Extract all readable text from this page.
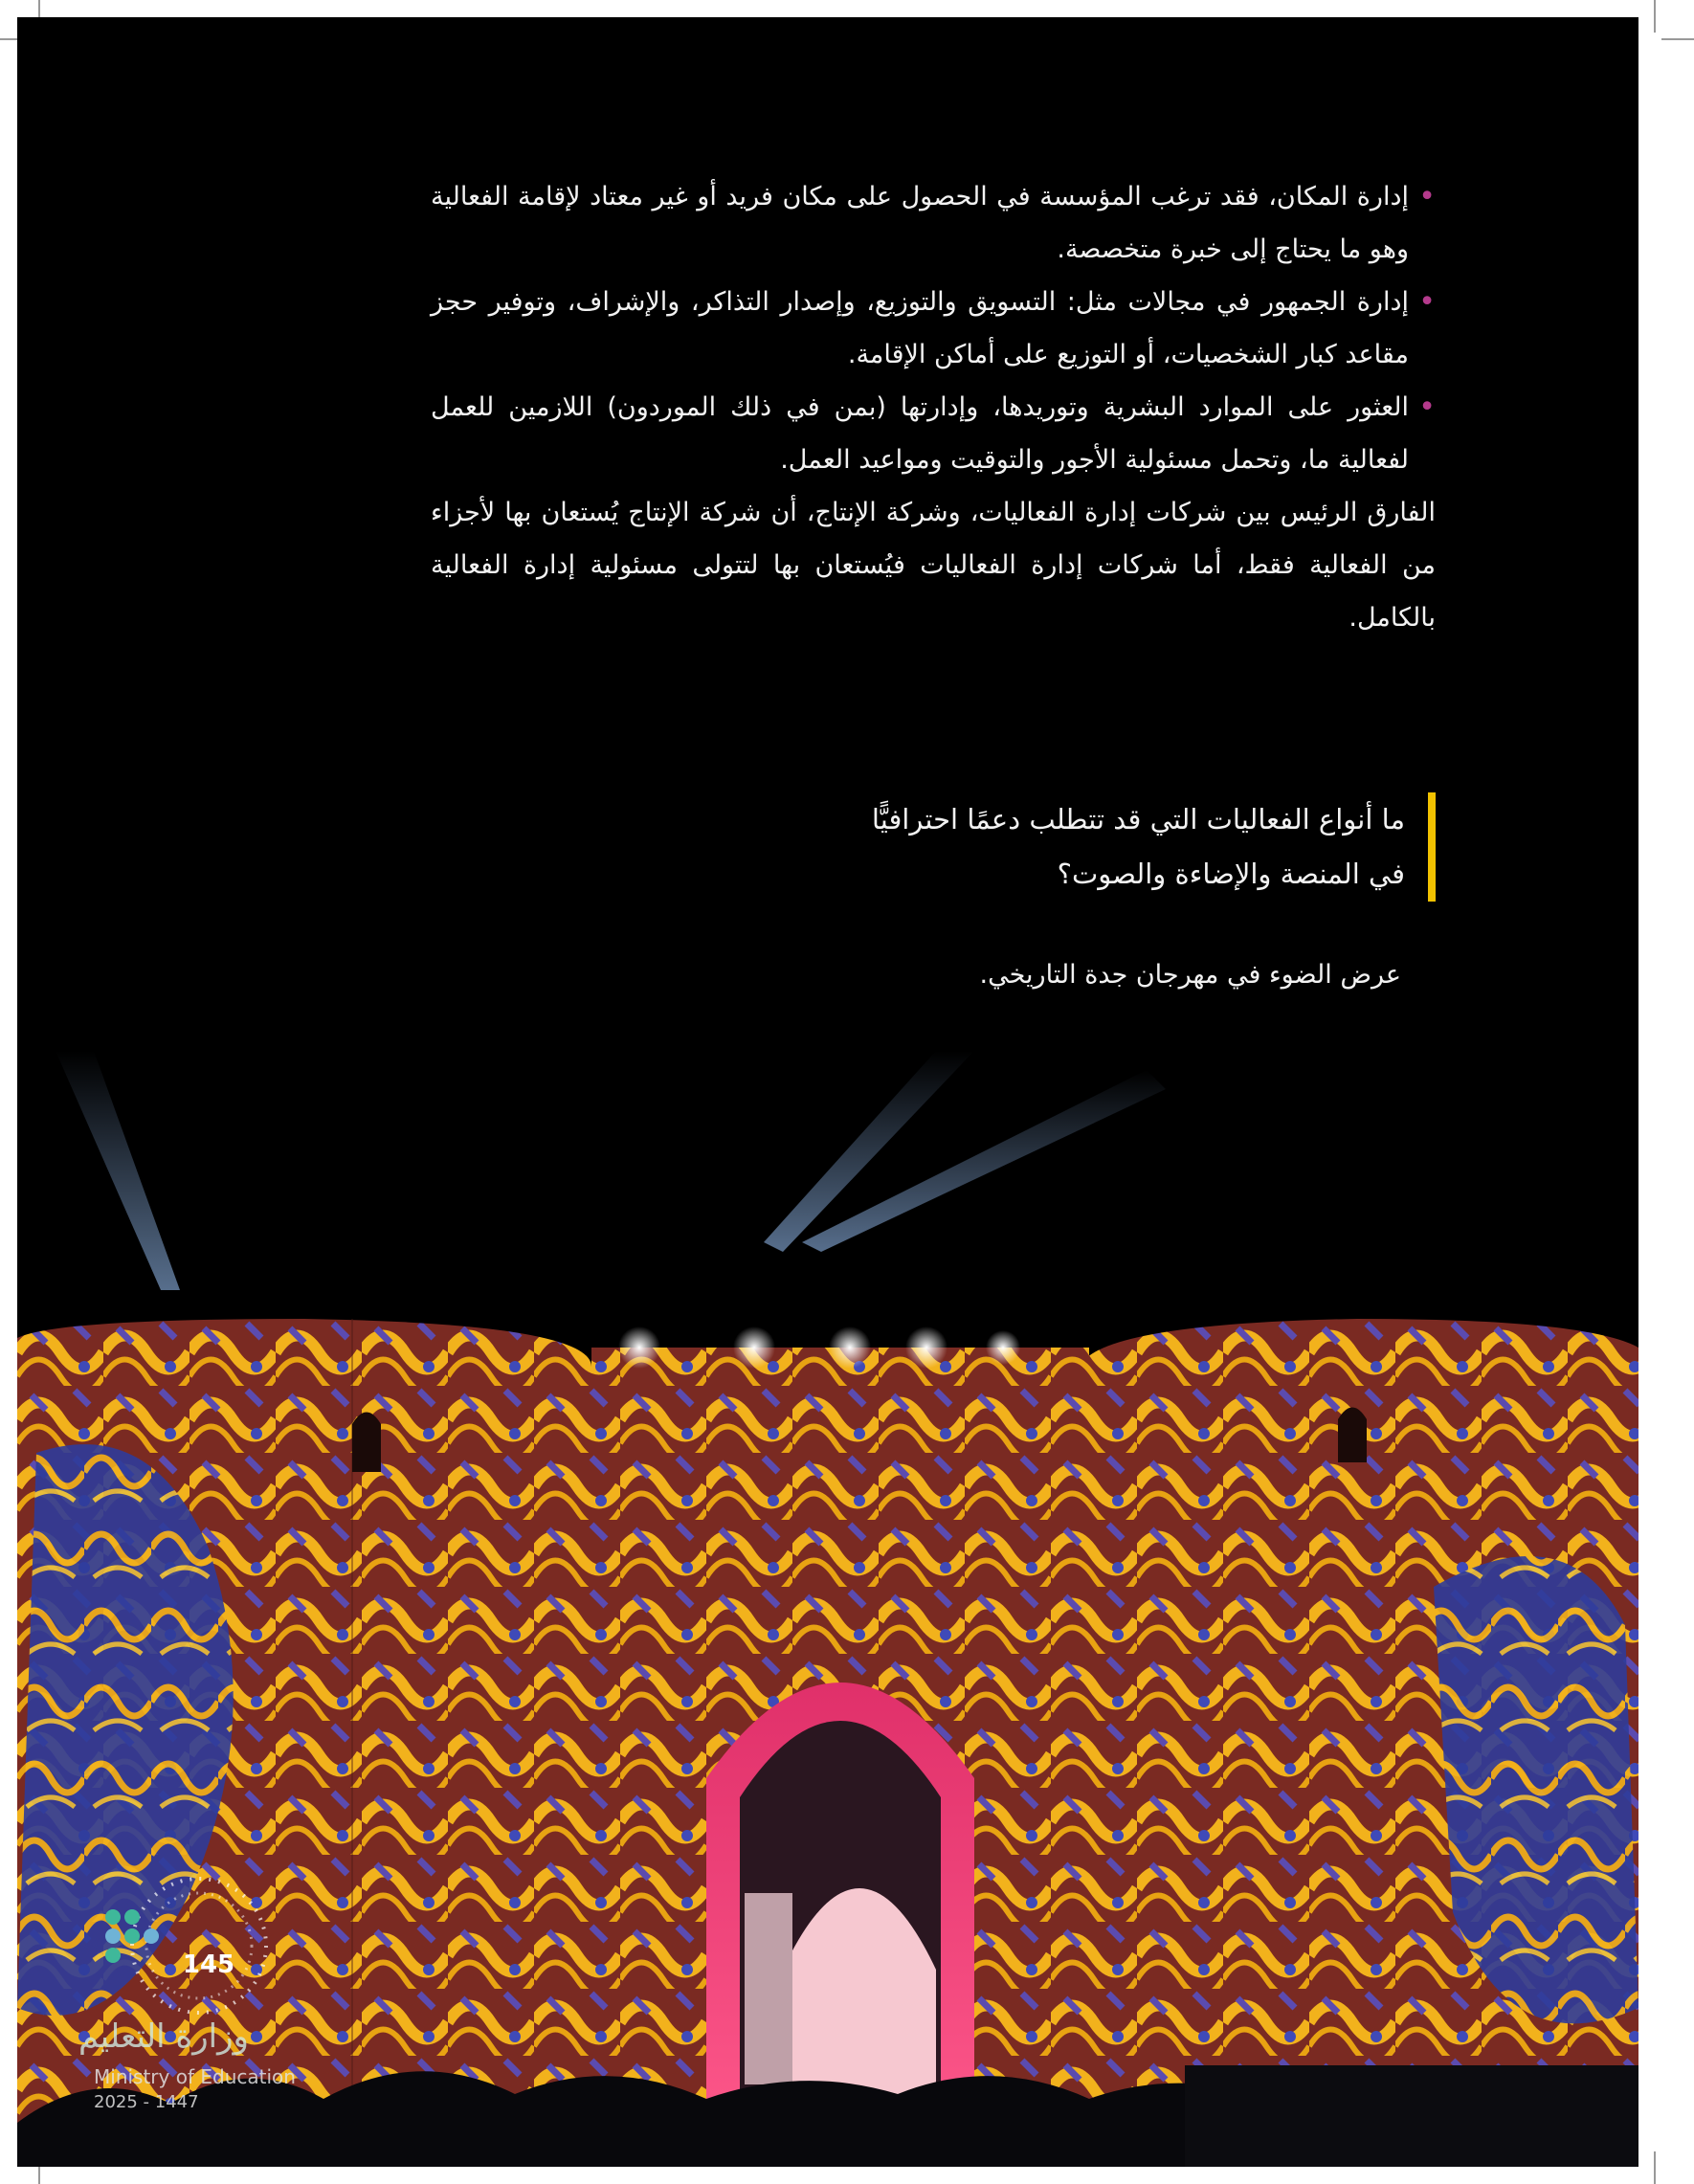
•
إدارة المكان، فقد ترغب المؤسسة في الحصول على مكان فريد أو غير معتاد لإقامة الفعالية وهو ما يحتاج إلى خبرة متخصصة.
•
إدارة الجمهور في مجالات مثل: التسويق والتوزيع، وإصدار التذاكر، والإشراف، وتوفير حجز مقاعد كبار الشخصيات، أو التوزيع على أماكن الإقامة.
•
العثور على الموارد البشرية وتوريدها، وإدارتها (بمن في ذلك الموردون) اللازمين للعمل لفعالية ما، وتحمل مسئولية الأجور والتوقيت ومواعيد العمل.

الفارق الرئيس بين شركات إدارة الفعاليات، وشركة الإنتاج، أن شركة الإنتاج يُستعان بها لأجزاء من الفعالية فقط، أما شركات إدارة الفعاليات فيُستعان بها لتتولى مسئولية إدارة الفعالية بالكامل.

ما أنواع الفعاليات التي قد تتطلب دعمًا احترافيًّا
في المنصة والإضاءة والصوت؟
عرض الضوء في مهرجان جدة التاريخي.
145
وزارة التعليم
Ministry of Education
2025 - 1447
